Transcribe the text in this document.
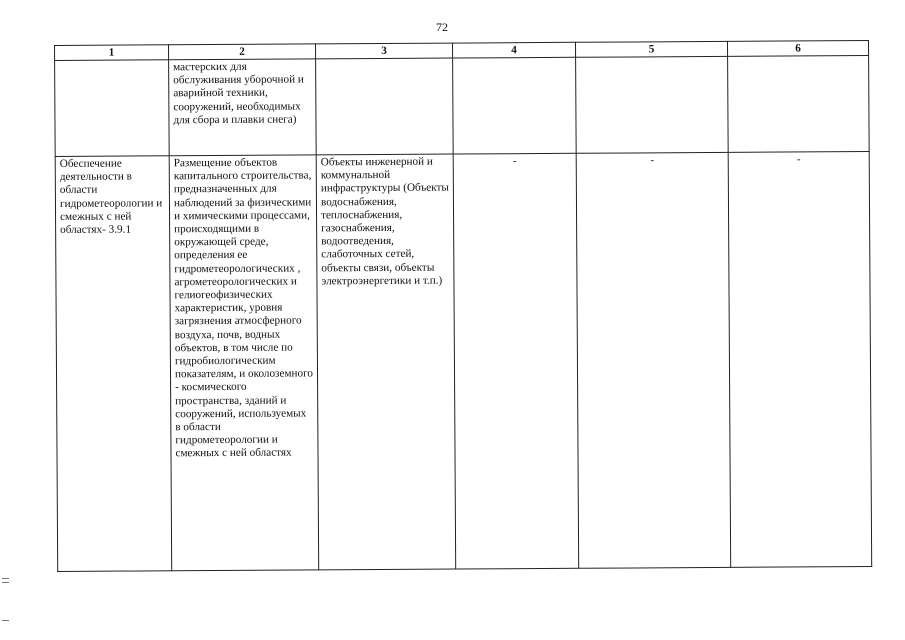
72
1	2	3	4	5	6
	мастерских для обслуживания уборочной и аварийной техники, сооружений, необходимых для сбора и плавки снега)				
Обеспечение деятельности в области гидрометеорологии и смежных с ней областях- 3.9.1	Размещение объектов капитального строительства, предназначенных для наблюдений за физическими и химическими процессами, происходящими в окружающей среде, определения ее гидрометеорологических , агрометеорологических и гелиогеофизических характеристик, уровня загрязнения атмосферного воздуха, почв, водных объектов, в том числе по гидробиологическим показателям, и околоземного - космического пространства, зданий и сооружений, используемых в области гидрометеорологии и смежных с ней областях	Объекты инженерной и коммунальной инфраструктуры (Объекты водоснабжения, теплоснабжения, газоснабжения, водоотведения, слаботочных сетей, объекты связи, объекты электроэнергетики и т.п.)	-	-	-
